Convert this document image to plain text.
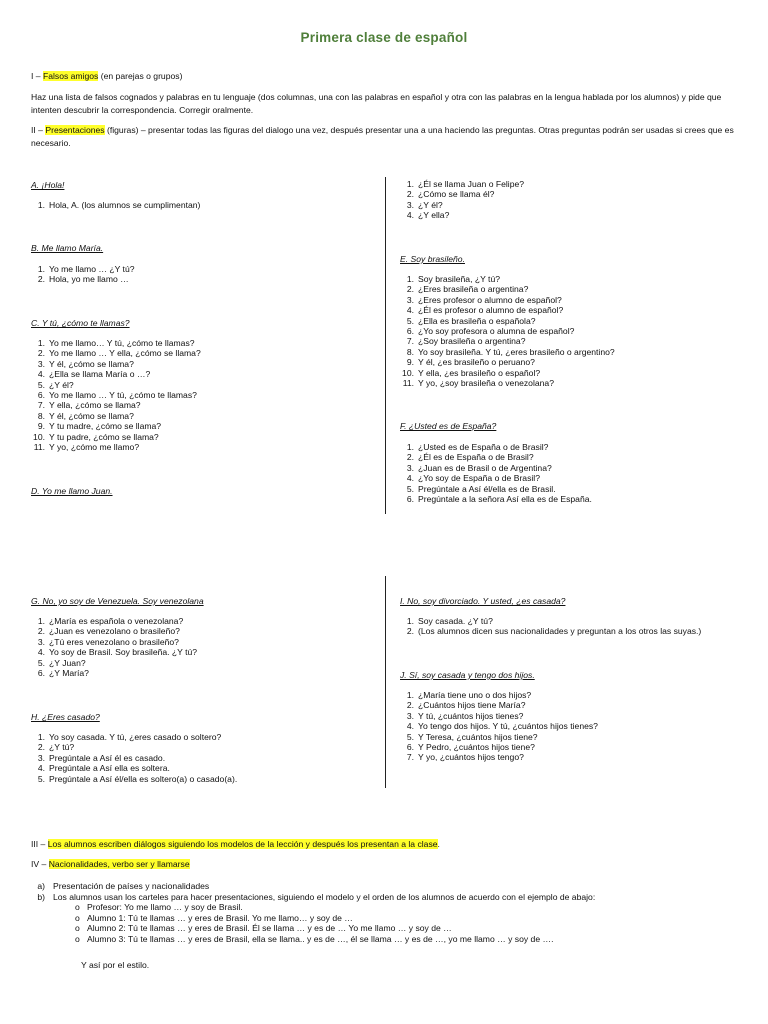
Primera clase de español

I – Falsos amigos (en parejas o grupos)

Haz una lista de falsos cognados y palabras en tu lenguaje (dos columnas, una con las palabras en español y otra con las palabras en la lengua hablada por los alumnos) y pide que intenten descubrir la correspondencia. Corregir oralmente.

II – Presentaciones (figuras) – presentar todas las figuras del dialogo una vez, después presentar una a una haciendo las preguntas. Otras preguntas podrán ser usadas si crees que es necesario.

A. ¡Hola!

1. Hola, A. (los alumnos se cumplimentan)

B. Me llamo María.

1. Yo me llamo … ¿Y tú?
2. Hola, yo me llamo …

C. Y tú, ¿cómo te llamas?

1. Yo me llamo… Y tú, ¿cómo te llamas?
2. Yo me llamo … Y ella, ¿cómo se llama?
3. Y él, ¿cómo se llama?
4. ¿Ella se llama María o …?
5. ¿Y él?
6. Yo me llamo … Y tú, ¿cómo te llamas?
7. Y ella, ¿cómo se llama?
8. Y él, ¿cómo se llama?
9. Y tu madre, ¿cómo se llama?
10. Y tu padre, ¿cómo se llama?
11. Y yo, ¿cómo me llamo?

D. Yo me llamo Juan.

1. ¿Él se llama Juan o Felipe?
2. ¿Cómo se llama él?
3. ¿Y él?
4. ¿Y ella?

E. Soy brasileño.

1. Soy brasileña, ¿Y tú?
2. ¿Eres brasileña o argentina?
3. ¿Eres profesor o alumno de español?
4. ¿Él es profesor o alumno de español?
5. ¿Ella es brasileña o española?
6. ¿Yo soy profesora o alumna de español?
7. ¿Soy brasileña o argentina?
8. Yo soy brasileña. Y tú, ¿eres brasileño o argentino?
9. Y él, ¿es brasileño o peruano?
10. Y ella, ¿es brasileño o español?
11. Y yo, ¿soy brasileña o venezolana?

F. ¿Usted es de España?

1. ¿Usted es de España o de Brasil?
2. ¿Él es de España o de Brasil?
3. ¿Juan es de Brasil o de Argentina?
4. ¿Yo soy de España o de Brasil?
5. Pregúntale a Así él/ella es de Brasil.
6. Pregúntale a la señora Así ella es de España.

G. No, yo soy de Venezuela. Soy venezolana

1. ¿María es española o venezolana?
2. ¿Juan es venezolano o brasileño?
3. ¿Tú eres venezolano o brasileño?
4. Yo soy de Brasil. Soy brasileña. ¿Y tú?
5. ¿Y Juan?
6. ¿Y María?

H. ¿Eres casado?

1. Yo soy casada. Y tú, ¿eres casado o soltero?
2. ¿Y tú?
3. Pregúntale a Así él es casado.
4. Pregúntale a Así ella es soltera.
5. Pregúntale a Así él/ella es soltero(a) o casado(a).

I. No, soy divorciado. Y usted, ¿es casada?

1. Soy casada. ¿Y tú?
2. (Los alumnos dicen sus nacionalidades y preguntan a los otros las suyas.)

J. Sí, soy casada y tengo dos hijos.

1. ¿María tiene uno o dos hijos?
2. ¿Cuántos hijos tiene María?
3. Y tú, ¿cuántos hijos tienes?
4. Yo tengo dos hijos. Y tú, ¿cuántos hijos tienes?
5. Y Teresa, ¿cuántos hijos tiene?
6. Y Pedro, ¿cuántos hijos tiene?
7. Y yo, ¿cuántos hijos tengo?

III – Los alumnos escriben diálogos siguiendo los modelos de la lección y después los presentan a la clase.

IV – Nacionalidades, verbo ser y llamarse

a) Presentación de países y nacionalidades
b) Los alumnos usan los carteles para hacer presentaciones, siguiendo el modelo y el orden de los alumnos de acuerdo con el ejemplo de abajo:
o Profesor: Yo me llamo … y soy de Brasil.
o Alumno 1: Tú te llamas … y eres de Brasil. Yo me llamo… y soy de …
o Alumno 2: Tú te llamas … y eres de Brasil. Él se llama … y es de … Yo me llamo … y soy de …
o Alumno 3: Tú te llamas … y eres de Brasil, ella se llama.. y es de …, él se llama … y es de …, yo me llamo … y soy de ….

Y así por el estilo.
